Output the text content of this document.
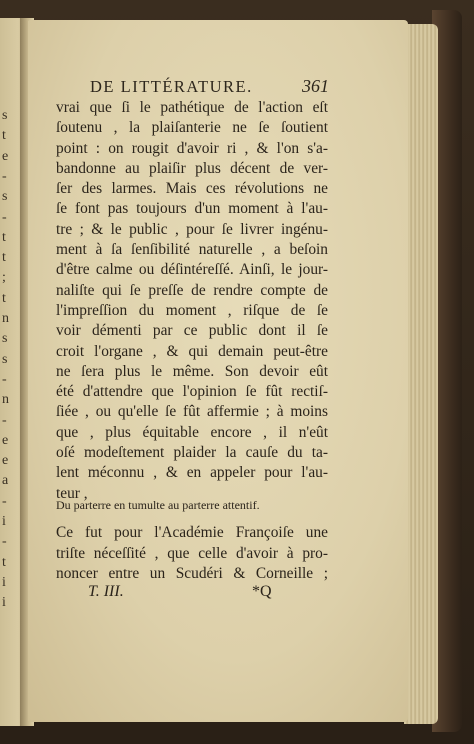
s
t
e
-
s
-
t
t
;
t
n
s
s
-
n
-
e
e
a
-
i
-
t
i
i
DE LITTÉRATURE.	361
vrai que ſi le pathétique de l'action eſt
ſoutenu , la plaiſanterie ne ſe ſoutient
point : on rougit d'avoir ri , & l'on s'a-
bandonne au plaiſir plus décent de ver-
ſer des larmes. Mais ces révolutions ne
ſe font pas toujours d'un moment à l'au-
tre ; & le public , pour ſe livrer ingénu-
ment à ſa ſenſibilité naturelle , a beſoin
d'être calme ou déſintéreſſé. Ainſi, le jour-
naliſte qui ſe preſſe de rendre compte de
l'impreſſion du moment , riſque de ſe
voir démenti par ce public dont il ſe
croit l'organe , & qui demain peut-être
ne ſera plus le même. Son devoir eût
été d'attendre que l'opinion ſe fût rectiſ-
ſiée , ou qu'elle ſe fût affermie ; à moins
que , plus équitable encore , il n'eût
oſé modeſtement plaider la cauſe du ta-
lent méconnu , & en appeler pour l'au-
teur ,
Du parterre en tumulte au parterre attentif.
Ce fut pour l'Académie Françoiſe une
triſte néceſſité , que celle d'avoir à pro-
noncer entre un Scudéri & Corneille ;
T. III.	*Q
